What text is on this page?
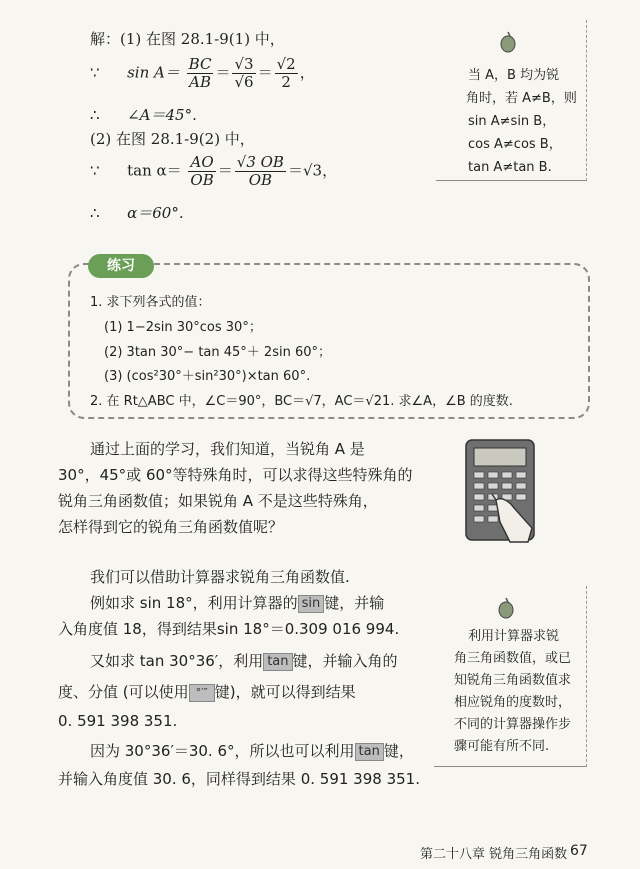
解：(1) 在图 28.1-9(1) 中，
∵ $\sin A= \frac{BC}{AB} = \frac{√3}{√6} = \frac{√2}{2}$ ，
∴ ∠A＝45°.
(2) 在图 28.1-9(2) 中，
∵ $\tan \alpha= \frac{AO}{OB} = \frac{√3 OB}{OB} =√3$，
∴ α＝60°.
当 A，B 均为锐
角时，若 A≠B，则
sin A≠sin B，
cos A≠cos B，
tan A≠tan B.
练习
1. 求下列各式的值：
(1) 1−2sin 30°cos 30°；
(2) 3tan 30°− tan 45°＋ 2sin 60°；
(3) (cos²30°＋sin²30°)×tan 60°.
2. 在 Rt△ABC 中，∠C＝90°，BC＝√7，AC＝√21. 求∠A，∠B 的度数.
通过上面的学习，我们知道，当锐角 A 是
30°，45°或 60°等特殊角时，可以求得这些特殊角的
锐角三角函数值；如果锐角 A 不是这些特殊角，
怎样得到它的锐角三角函数值呢？
我们可以借助计算器求锐角三角函数值.
例如求 sin 18°，利用计算器的 sin 键，并输
入角度值 18，得到结果sin 18°＝0.309 016 994.
又如求 tan 30°36′，利用 tan 键，并输入角的
度、分值 (可以使用 °′″ 键)，就可以得到结果
0. 591 398 351.
因为 30°36′＝30. 6°，所以也可以利用 tan 键，
并输入角度值 30. 6，同样得到结果 0. 591 398 351.
利用计算器求锐
角三角函数值，或已
知锐角三角函数值求
相应锐角的度数时，
不同的计算器操作步
骤可能有所不同.
第二十八章 锐角三角函数 67
